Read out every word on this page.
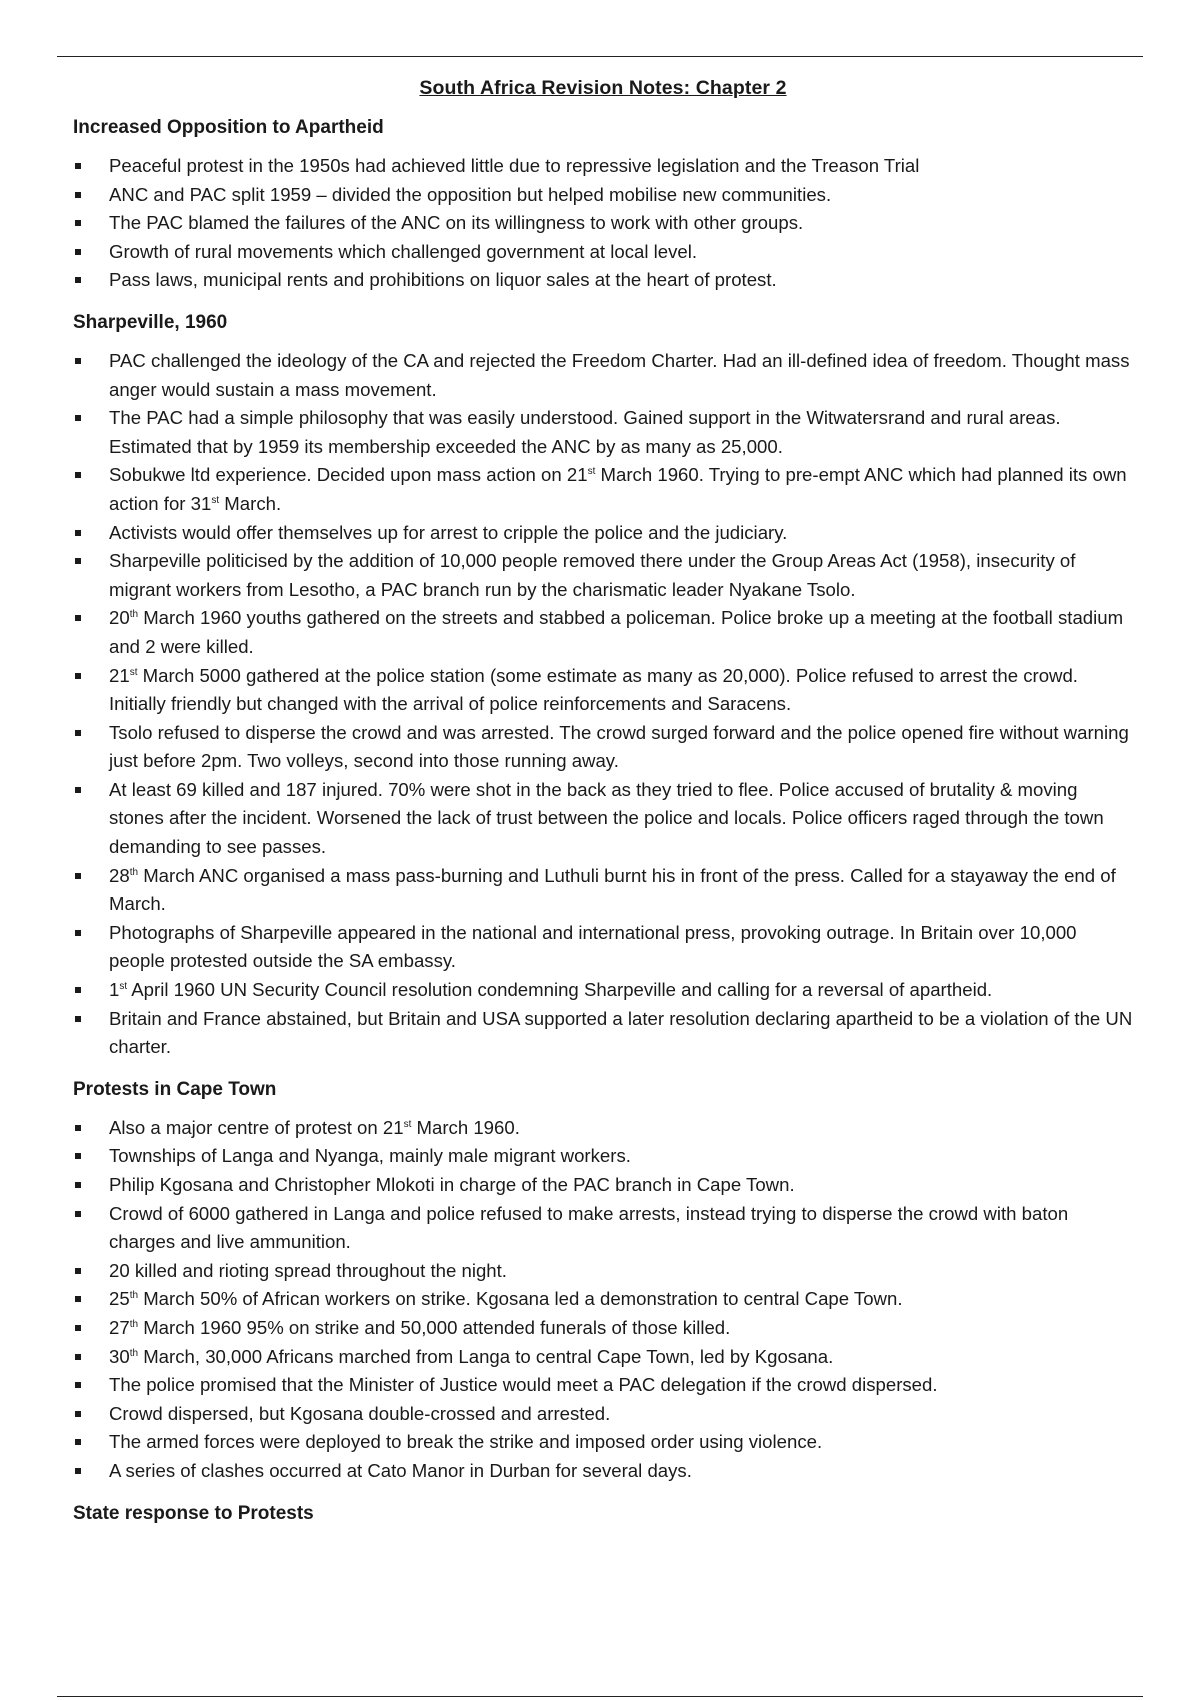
South Africa Revision Notes: Chapter 2
Increased Opposition to Apartheid
Peaceful protest in the 1950s had achieved little due to repressive legislation and the Treason Trial
ANC and PAC split 1959 – divided the opposition but helped mobilise new communities.
The PAC blamed the failures of the ANC on its willingness to work with other groups.
Growth of rural movements which challenged government at local level.
Pass laws, municipal rents and prohibitions on liquor sales at the heart of protest.
Sharpeville, 1960
PAC challenged the ideology of the CA and rejected the Freedom Charter. Had an ill-defined idea of freedom. Thought mass anger would sustain a mass movement.
The PAC had a simple philosophy that was easily understood. Gained support in the Witwatersrand and rural areas. Estimated that by 1959 its membership exceeded the ANC by as many as 25,000.
Sobukwe ltd experience. Decided upon mass action on 21st March 1960. Trying to pre-empt ANC which had planned its own action for 31st March.
Activists would offer themselves up for arrest to cripple the police and the judiciary.
Sharpeville politicised by the addition of 10,000 people removed there under the Group Areas Act (1958), insecurity of migrant workers from Lesotho, a PAC branch run by the charismatic leader Nyakane Tsolo.
20th March 1960 youths gathered on the streets and stabbed a policeman. Police broke up a meeting at the football stadium and 2 were killed.
21st March 5000 gathered at the police station (some estimate as many as 20,000). Police refused to arrest the crowd. Initially friendly but changed with the arrival of police reinforcements and Saracens.
Tsolo refused to disperse the crowd and was arrested. The crowd surged forward and the police opened fire without warning just before 2pm. Two volleys, second into those running away.
At least 69 killed and 187 injured. 70% were shot in the back as they tried to flee. Police accused of brutality & moving stones after the incident. Worsened the lack of trust between the police and locals. Police officers raged through the town demanding to see passes.
28th March ANC organised a mass pass-burning and Luthuli burnt his in front of the press. Called for a stayaway the end of March.
Photographs of Sharpeville appeared in the national and international press, provoking outrage. In Britain over 10,000 people protested outside the SA embassy.
1st April 1960 UN Security Council resolution condemning Sharpeville and calling for a reversal of apartheid.
Britain and France abstained, but Britain and USA supported a later resolution declaring apartheid to be a violation of the UN charter.
Protests in Cape Town
Also a major centre of protest on 21st March 1960.
Townships of Langa and Nyanga, mainly male migrant workers.
Philip Kgosana and Christopher Mlokoti in charge of the PAC branch in Cape Town.
Crowd of 6000 gathered in Langa and police refused to make arrests, instead trying to disperse the crowd with baton charges and live ammunition.
20 killed and rioting spread throughout the night.
25th March 50% of African workers on strike. Kgosana led a demonstration to central Cape Town.
27th March 1960 95% on strike and 50,000 attended funerals of those killed.
30th March, 30,000 Africans marched from Langa to central Cape Town, led by Kgosana.
The police promised that the Minister of Justice would meet a PAC delegation if the crowd dispersed.
Crowd dispersed, but Kgosana double-crossed and arrested.
The armed forces were deployed to break the strike and imposed order using violence.
A series of clashes occurred at Cato Manor in Durban for several days.
State response to Protests
